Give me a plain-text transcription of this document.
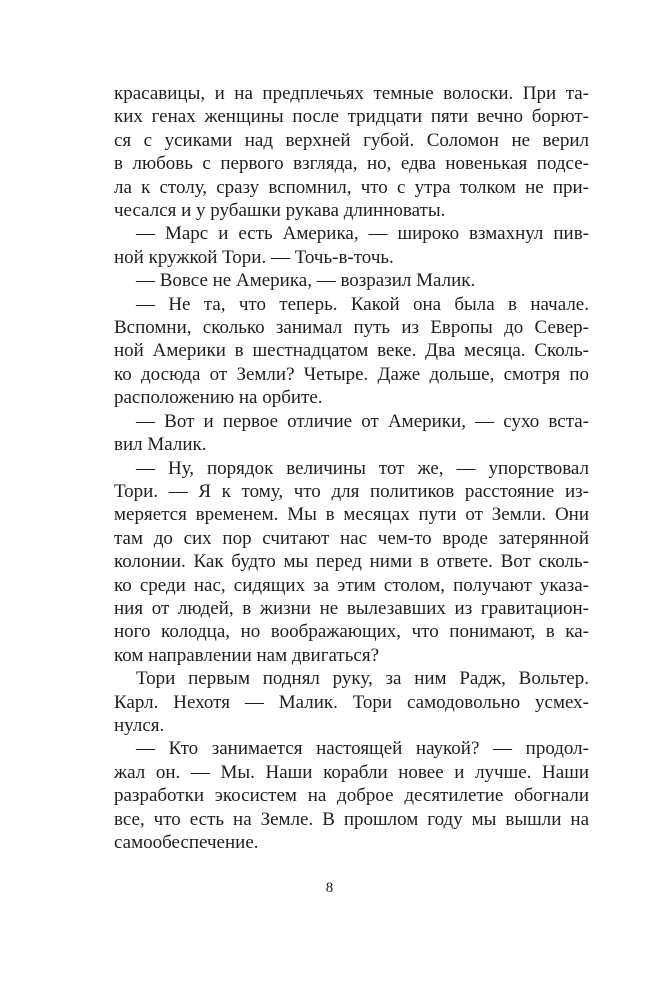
красавицы, и на предплечьях темные волоски. При та-
ких генах женщины после тридцати пяти вечно борют-
ся с усиками над верхней губой. Соломон не верил
в любовь с первого взгляда, но, едва новенькая подсе-
ла к столу, сразу вспомнил, что с утра толком не при-
чесался и у рубашки рукава длинноваты.
— Марс и есть Америка, — широко взмахнул пив-
ной кружкой Тори. — Точь-в-точь.
— Вовсе не Америка, — возразил Малик.
— Не та, что теперь. Какой она была в начале.
Вспомни, сколько занимал путь из Европы до Север-
ной Америки в шестнадцатом веке. Два месяца. Сколь-
ко досюда от Земли? Четыре. Даже дольше, смотря по
расположению на орбите.
— Вот и первое отличие от Америки, — сухо вста-
вил Малик.
— Ну, порядок величины тот же, — упорствовал
Тори. — Я к тому, что для политиков расстояние из-
меряется временем. Мы в месяцах пути от Земли. Они
там до сих пор считают нас чем-то вроде затерянной
колонии. Как будто мы перед ними в ответе. Вот сколь-
ко среди нас, сидящих за этим столом, получают указа-
ния от людей, в жизни не вылезавших из гравитацион-
ного колодца, но воображающих, что понимают, в ка-
ком направлении нам двигаться?
Тори первым поднял руку, за ним Радж, Вольтер.
Карл. Нехотя — Малик. Тори самодовольно усмех-
нулся.
— Кто занимается настоящей наукой? — продол-
жал он. — Мы. Наши корабли новее и лучше. Наши
разработки экосистем на доброе десятилетие обогнали
все, что есть на Земле. В прошлом году мы вышли на
самообеспечение.
8
